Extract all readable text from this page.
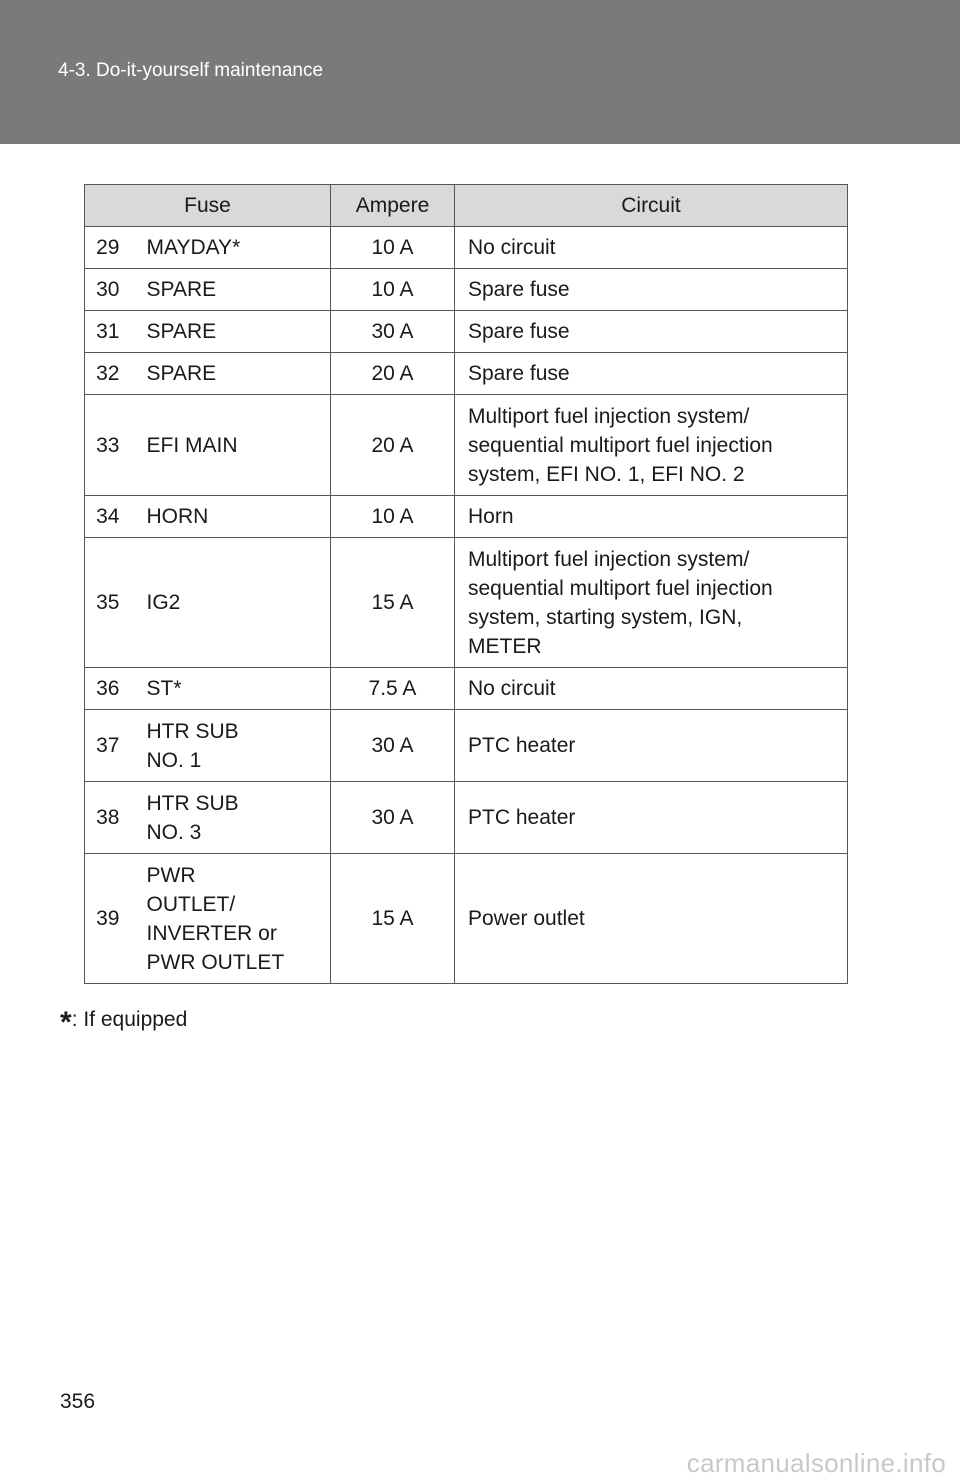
4-3. Do-it-yourself maintenance
Fuse		Ampere	Circuit

29	MAYDAY*	10 A	No circuit

30	SPARE	10 A	Spare fuse

31	SPARE	30 A	Spare fuse

32	SPARE	20 A	Spare fuse

33	EFI MAIN	20 A	Multiport fuel injection system/
sequential multiport fuel injection
system, EFI NO. 1, EFI NO. 2

34	HORN	10 A	Horn

35	IG2	15 A	Multiport fuel injection system/
sequential multiport fuel injection
system, starting system, IGN,
METER

36	ST*	7.5 A	No circuit

37	HTR SUB
NO. 1	30 A	PTC heater

38	HTR SUB
NO. 3	30 A	PTC heater

39	PWR
OUTLET/
INVERTER or
PWR OUTLET	15 A	Power outlet
*: If equipped
356
carmanualsonline.info
